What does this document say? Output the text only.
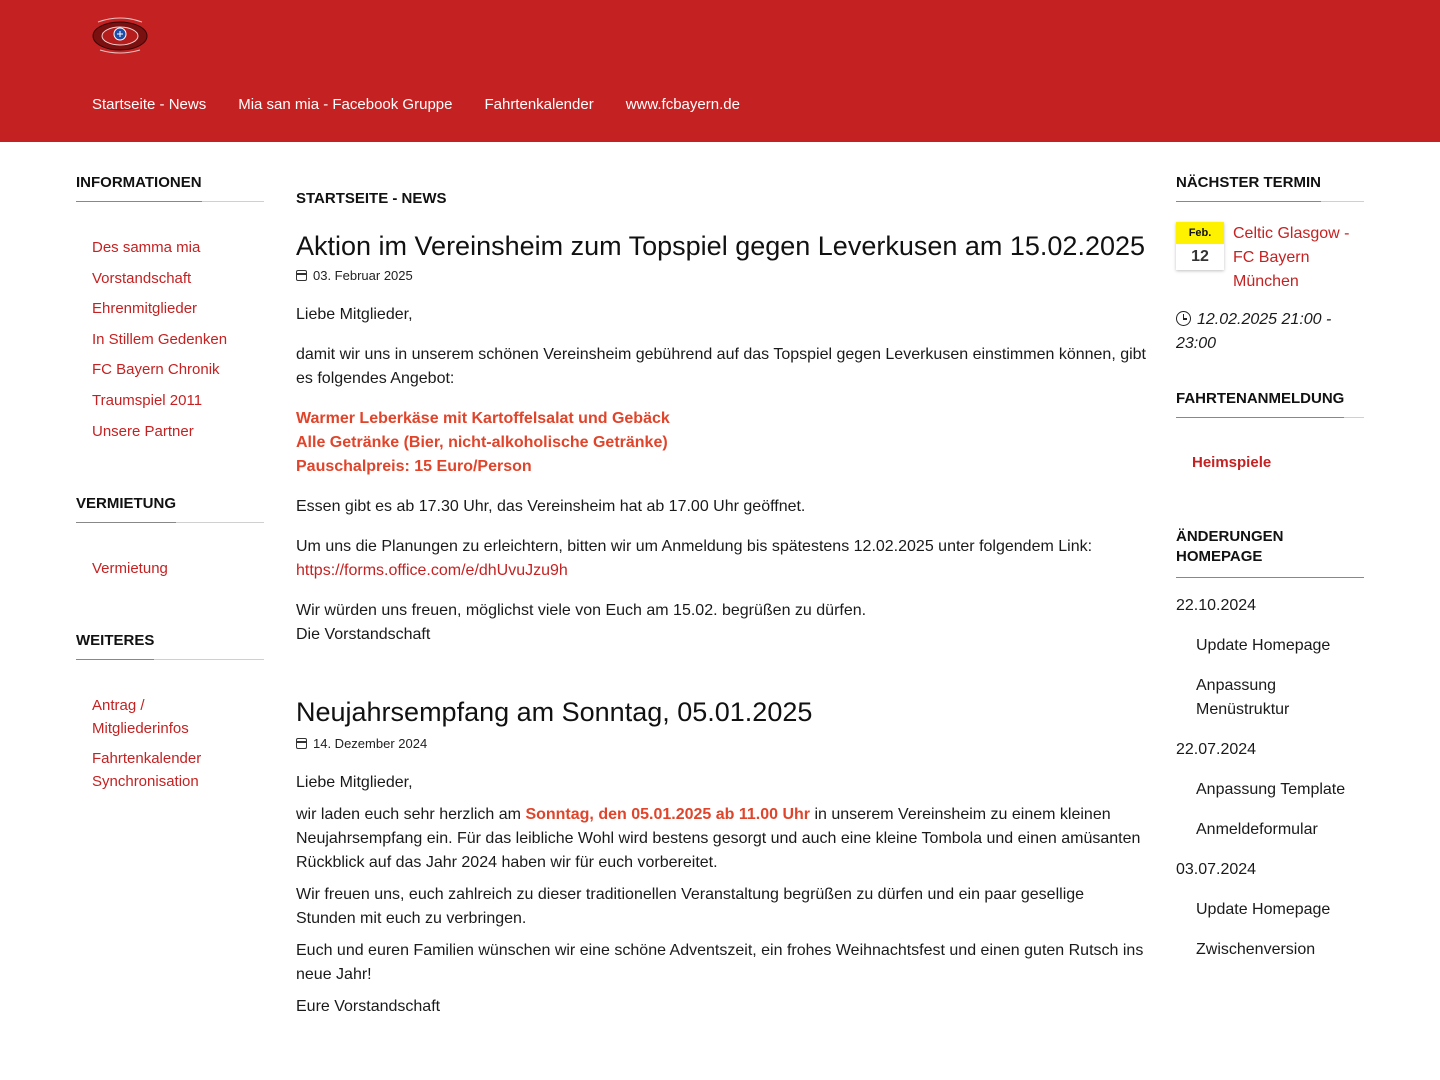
Startseite - News Mia san mia - Facebook Gruppe Fahrtenkalender www.fcbayern.de
INFORMATIONEN
Des samma mia
Vorstandschaft
Ehrenmitglieder
In Stillem Gedenken
FC Bayern Chronik
Traumspiel 2011
Unsere Partner
VERMIETUNG
Vermietung
WEITERES
Antrag / Mitgliederinfos
Fahrtenkalender Synchronisation
STARTSEITE - NEWS
Aktion im Vereinsheim zum Topspiel gegen Leverkusen am 15.02.2025
03. Februar 2025

Liebe Mitglieder,

damit wir uns in unserem schönen Vereinsheim gebührend auf das Topspiel gegen Leverkusen einstimmen können, gibt es folgendes Angebot:

Warmer Leberkäse mit Kartoffelsalat und Gebäck
Alle Getränke (Bier, nicht-alkoholische Getränke)
Pauschalpreis: 15 Euro/Person

Essen gibt es ab 17.30 Uhr, das Vereinsheim hat ab 17.00 Uhr geöffnet.

Um uns die Planungen zu erleichtern, bitten wir um Anmeldung bis spätestens 12.02.2025 unter folgendem Link:
https://forms.office.com/e/dhUvuJzu9h

Wir würden uns freuen, möglichst viele von Euch am 15.02. begrüßen zu dürfen.
Die Vorstandschaft

Neujahrsempfang am Sonntag, 05.01.2025
14. Dezember 2024

Liebe Mitglieder,

wir laden euch sehr herzlich am Sonntag, den 05.01.2025 ab 11.00 Uhr in unserem Vereinsheim zu einem kleinen Neujahrsempfang ein. Für das leibliche Wohl wird bestens gesorgt und auch eine kleine Tombola und einen amüsanten Rückblick auf das Jahr 2024 haben wir für euch vorbereitet.

Wir freuen uns, euch zahlreich zu dieser traditionellen Veranstaltung begrüßen zu dürfen und ein paar gesellige Stunden mit euch zu verbringen.

Euch und euren Familien wünschen wir eine schöne Adventszeit, ein frohes Weihnachtsfest und einen guten Rutsch ins neue Jahr!

Eure Vorstandschaft

NÄCHSTER TERMIN
Feb.
12
Celtic Glasgow - FC Bayern München
12.02.2025 21:00 - 23:00
FAHRTENANMELDUNG
Heimspiele
ÄNDERUNGEN HOMEPAGE
22.10.2024
Update Homepage
Anpassung Menüstruktur
22.07.2024
Anpassung Template
Anmeldeformular
03.07.2024
Update Homepage
Zwischenversion
